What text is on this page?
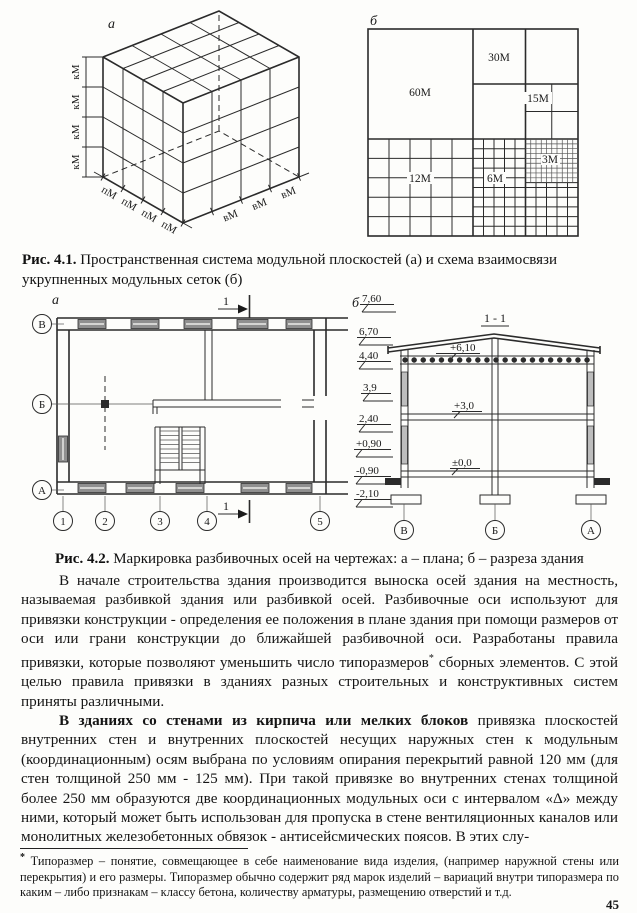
а
кМ
кМ
кМ
кМ
пМ
пМ
пМ
пМ
вМ
вМ
вМ
б
60М
30М
15М
12М	6М
3М
Рис. 4.1. Пространственная система модульной плоскостей (а) и схема взаимосвязи укрупненных модульных сеток (б)
а	1
1
В
Б
А
1	2	3	4	5
б
1 - 1
7,60
6,70
4,40
3,9
2,40
+0,90
-0,90
-2,10
+6,10
+3,0
±0,0
В	Б	А
Рис. 4.2. Маркировка разбивочных осей на чертежах: а – плана; б – разреза здания

В начале строительства здания производится выноска осей здания на местность, называемая разбивкой здания или разбивкой осей. Разбивочные оси используют для привязки конструкции - определения ее положения в плане здания при помощи размеров от оси или грани конструкции до ближайшей разбивочной оси. Разработаны правила привязки, которые позволяют уменьшить число типоразмеров* сборных элементов. С этой целью правила привязки в зданиях разных строительных и конструктивных систем приняты различными.

В зданиях со стенами из кирпича или мелких блоков привязка плоскостей внутренних стен и внутренних плоскостей несущих наружных стен к модульным (координационным) осям выбрана по условиям опирания перекрытий равной 120 мм (для стен толщиной 250 мм - 125 мм). При такой привязке во внутренних стенах толщиной более 250 мм образуются две координационных модульных оси с интервалом «Δ» между ними, который может быть использован для пропуска в стене вентиляционных каналов или монолитных железобетонных обвязок - антисейсмических поясов. В этих слу-

* Типоразмер – понятие, совмещающее в себе наименование вида изделия, (например наружной стены или перекрытия) и его размеры. Типоразмер обычно содержит ряд марок изделий – вариаций внутри типоразмера по каким – либо признакам – классу бетона, количеству арматуры, размещению отверстий и т.д.
45
